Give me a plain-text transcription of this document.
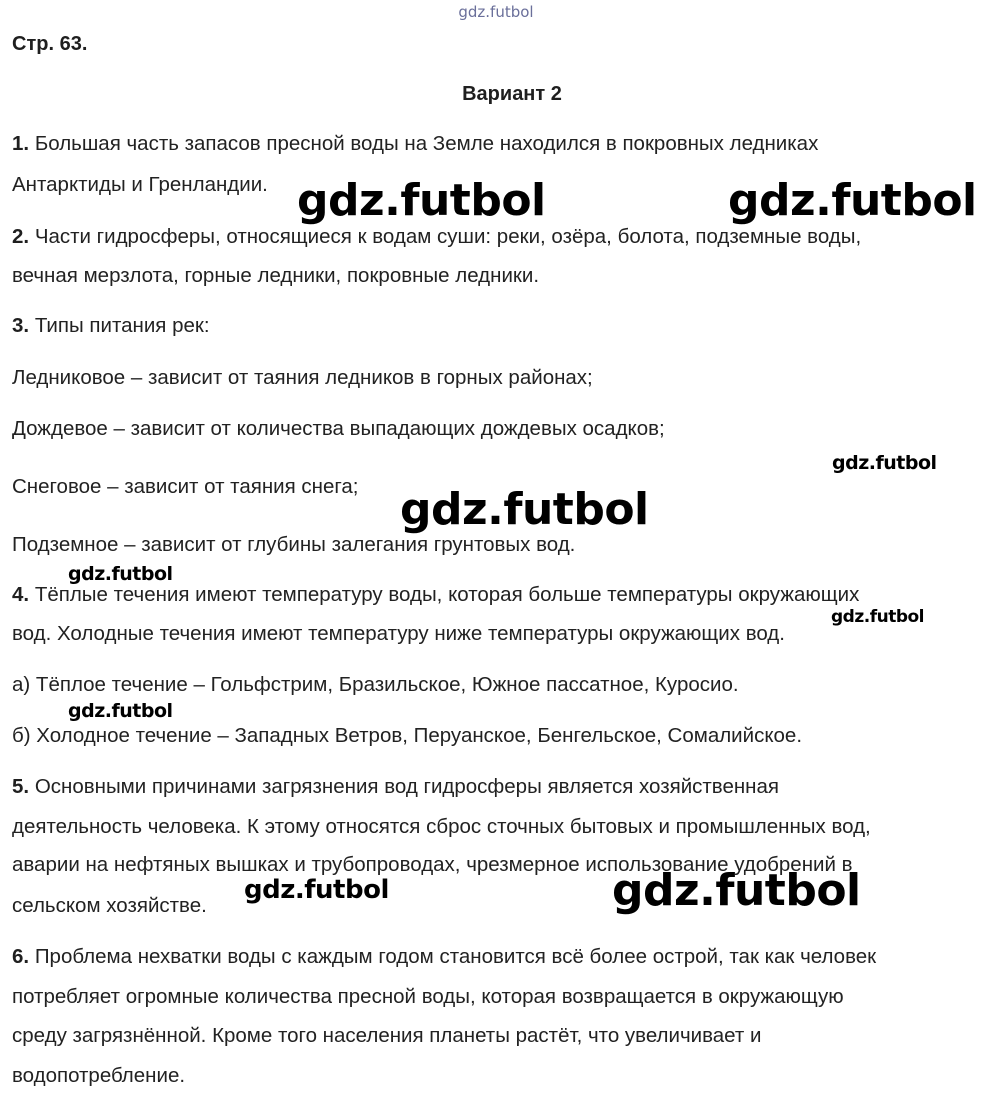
gdz.futbol
Стр. 63.
Вариант 2
1. Большая часть запасов пресной воды на Земле находился в покровных ледниках
Антарктиды и Гренландии.
2. Части гидросферы, относящиеся к водам суши: реки, озёра, болота, подземные воды,
вечная мерзлота, горные ледники, покровные ледники.
3. Типы питания рек:
Ледниковое – зависит от таяния ледников в горных районах;
Дождевое – зависит от количества выпадающих дождевых осадков;
Снеговое – зависит от таяния снега;
Подземное – зависит от глубины залегания грунтовых вод.
4. Тёплые течения имеют температуру воды, которая больше температуры окружающих
вод. Холодные течения имеют температуру ниже температуры окружающих вод.
а) Тёплое течение – Гольфстрим, Бразильское, Южное пассатное, Куросио.
б) Холодное течение – Западных Ветров, Перуанское, Бенгельское, Сомалийское.
5. Основными причинами загрязнения вод гидросферы является хозяйственная
деятельность человека. К этому относятся сброс сточных бытовых и промышленных вод,
аварии на нефтяных вышках и трубопроводах, чрезмерное использование удобрений в
сельском хозяйстве.
6. Проблема нехватки воды с каждым годом становится всё более острой, так как человек
потребляет огромные количества пресной воды, которая возвращается в окружающую
среду загрязнённой. Кроме того населения планеты растёт, что увеличивает и
водопотребление.
gdz.futbol	gdz.futbol
gdz.futbol
gdz.futbol
gdz.futbol
gdz.futbol
gdz.futbol
gdz.futbol	gdz.futbol
